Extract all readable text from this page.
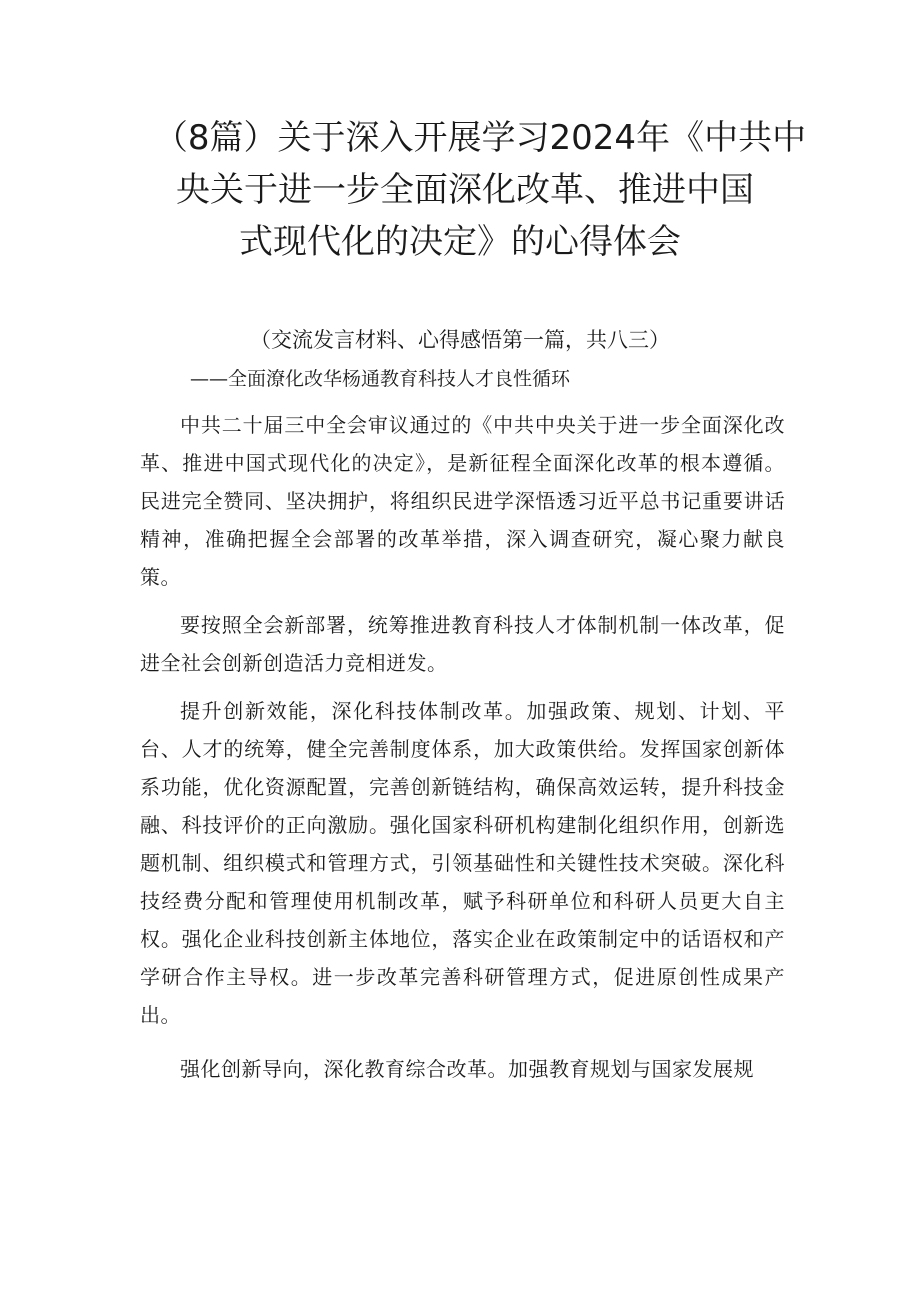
（8篇）关于深入开展学习2024年《中共中
央关于进一步全面深化改革、推进中国
式现代化的决定》的心得体会
（交流发言材料、心得感悟第一篇，共八三）
——全面潦化改华杨通教育科技人才良性循环

中共二十届三中全会审议通过的《中共中央关于进一步全面深化改革、推进中国式现代化的决定》，是新征程全面深化改革的根本遵循。民进完全赞同、坚决拥护，将组织民进学深悟透习近平总书记重要讲话精神，准确把握全会部署的改革举措，深入调查研究，凝心聚力献良策。

要按照全会新部署，统筹推进教育科技人才体制机制一体改革，促进全社会创新创造活力竞相迸发。

提升创新效能，深化科技体制改革。加强政策、规划、计划、平台、人才的统筹，健全完善制度体系，加大政策供给。发挥国家创新体系功能，优化资源配置，完善创新链结构，确保高效运转，提升科技金融、科技评价的正向激励。强化国家科研机构建制化组织作用，创新选题机制、组织模式和管理方式，引领基础性和关键性技术突破。深化科技经费分配和管理使用机制改革，赋予科研单位和科研人员更大自主权。强化企业科技创新主体地位，落实企业在政策制定中的话语权和产学研合作主导权。进一步改革完善科研管理方式，促进原创性成果产出。

强化创新导向，深化教育综合改革。加强教育规划与国家发展规
